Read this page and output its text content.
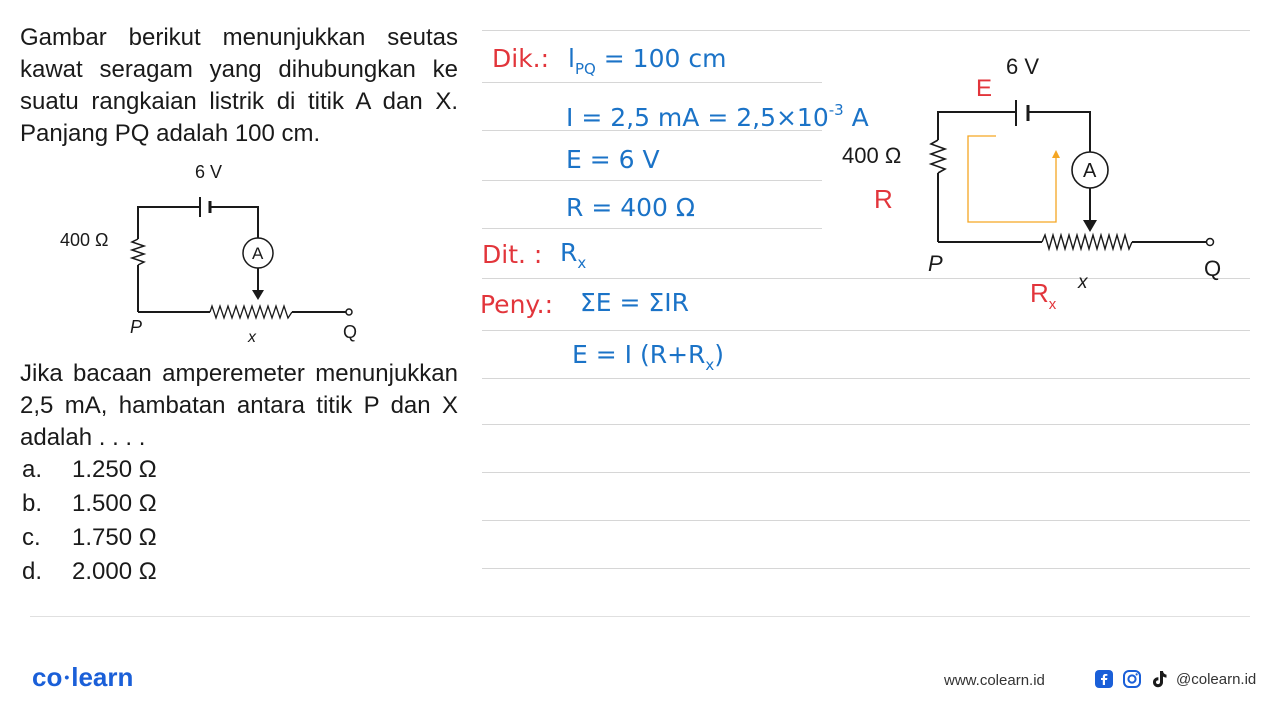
Gambar berikut menunjukkan seutas kawat seragam yang dihubungkan ke suatu rangkaian listrik di titik A dan X. Panjang PQ adalah 100 cm.
6 V
400 Ω
A
P
x	Q
Jika bacaan amperemeter menunjukkan 2,5 mA, hambatan antara titik P dan X adalah . . . .
a. 1.250 Ω
b. 1.500 Ω
c. 1.750 Ω
d. 2.000 Ω
Dik.: $l_{PQ} = 100$ cm
I = 2,5 mA = $2,5\times 10^{-3}$ A
E = 6 V
R = 400 Ω
Dit. : $R_x$
Peny.: ΣE = ΣIR
E = I $(R+R_x)$
6 V
E
400 Ω
R
A
P
x
Q
$R_x$
co •learn	www.colearn.id	@colearn.id
